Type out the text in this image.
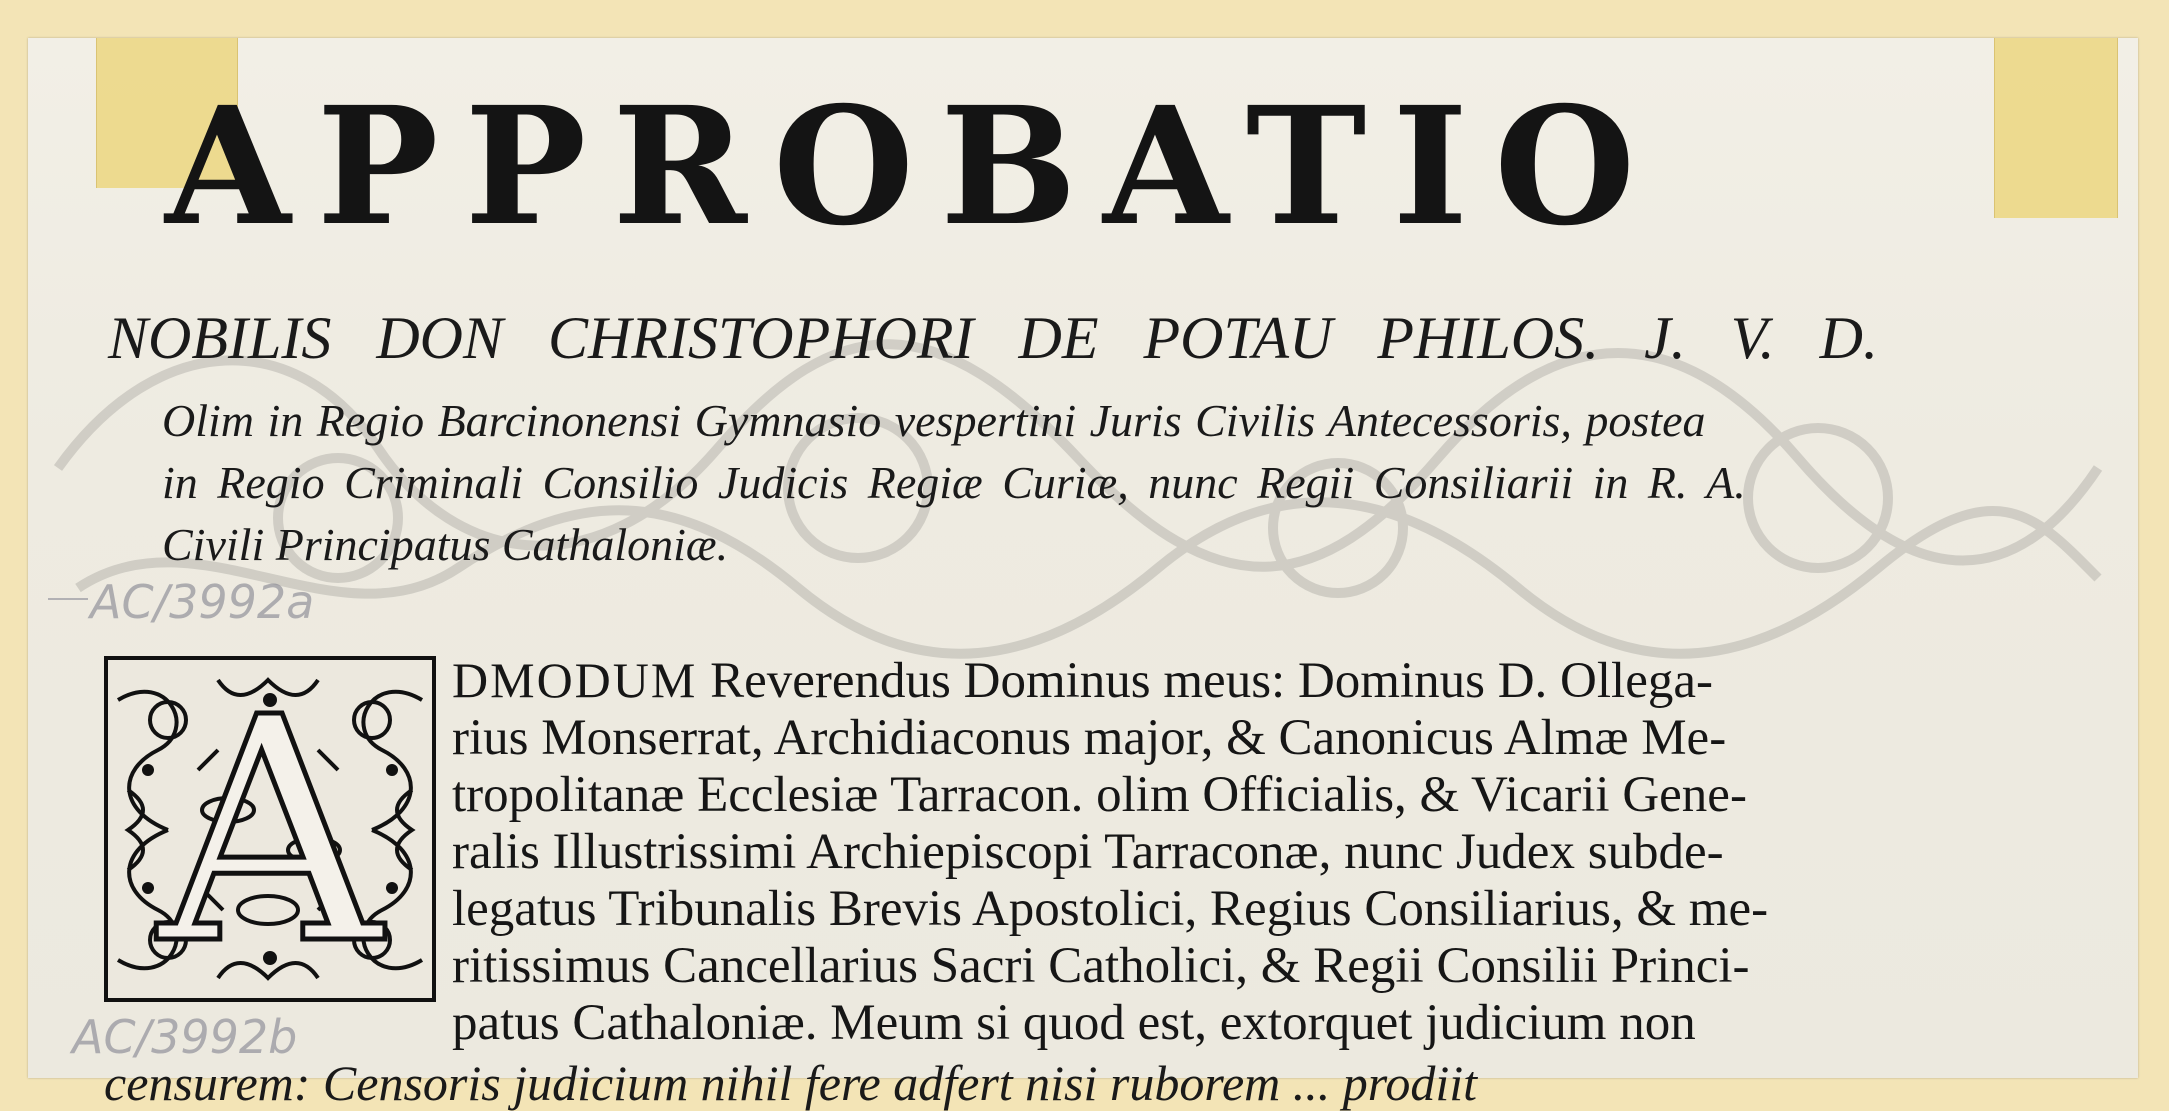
APPROBATIO
NOBILIS DON CHRISTOPHORI DE POTAU PHILOS. J. V. D.
Olim in Regio Barcinonensi Gymnasio vespertini Juris Civilis Antecessoris, postea
in Regio Criminali Consilio Judicis Regiæ Curiæ, nunc Regii Consiliarii in R. A.
Civili Principatus Cathaloniæ.
AC/3992a
AC/3992b
A	DMODUM Reverendus Dominus meus: Dominus D. Ollega-
rius Monserrat, Archidiaconus major, & Canonicus Almæ Me-
tropolitanæ Ecclesiæ Tarracon. olim Officialis, & Vicarii Gene-
ralis Illustrissimi Archiepiscopi Tarraconæ, nunc Judex subde-
legatus Tribunalis Brevis Apostolici, Regius Consiliarius, & me-
ritissimus Cancellarius Sacri Catholici, & Regii Consilii Princi-
patus Cathaloniæ. Meum si quod est, extorquet judicium non
censurem: Censoris judicium nihil fere adfert nisi ruborem ... prodiit
